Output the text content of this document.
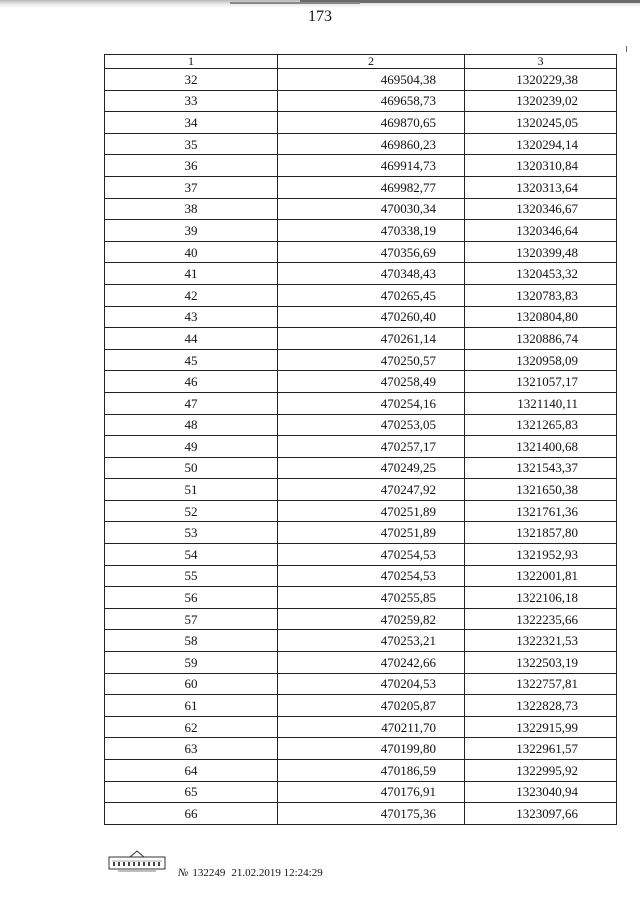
173
1	2	3
32	469504,38	1320229,38
33	469658,73	1320239,02
34	469870,65	1320245,05
35	469860,23	1320294,14
36	469914,73	1320310,84
37	469982,77	1320313,64
38	470030,34	1320346,67
39	470338,19	1320346,64
40	470356,69	1320399,48
41	470348,43	1320453,32
42	470265,45	1320783,83
43	470260,40	1320804,80
44	470261,14	1320886,74
45	470250,57	1320958,09
46	470258,49	1321057,17
47	470254,16	1321140,11
48	470253,05	1321265,83
49	470257,17	1321400,68
50	470249,25	1321543,37
51	470247,92	1321650,38
52	470251,89	1321761,36
53	470251,89	1321857,80
54	470254,53	1321952,93
55	470254,53	1322001,81
56	470255,85	1322106,18
57	470259,82	1322235,66
58	470253,21	1322321,53
59	470242,66	1322503,19
60	470204,53	1322757,81
61	470205,87	1322828,73
62	470211,70	1322915,99
63	470199,80	1322961,57
64	470186,59	1322995,92
65	470176,91	1323040,94
66	470175,36	1323097,66
№ 132249 21.02.2019 12:24:29
